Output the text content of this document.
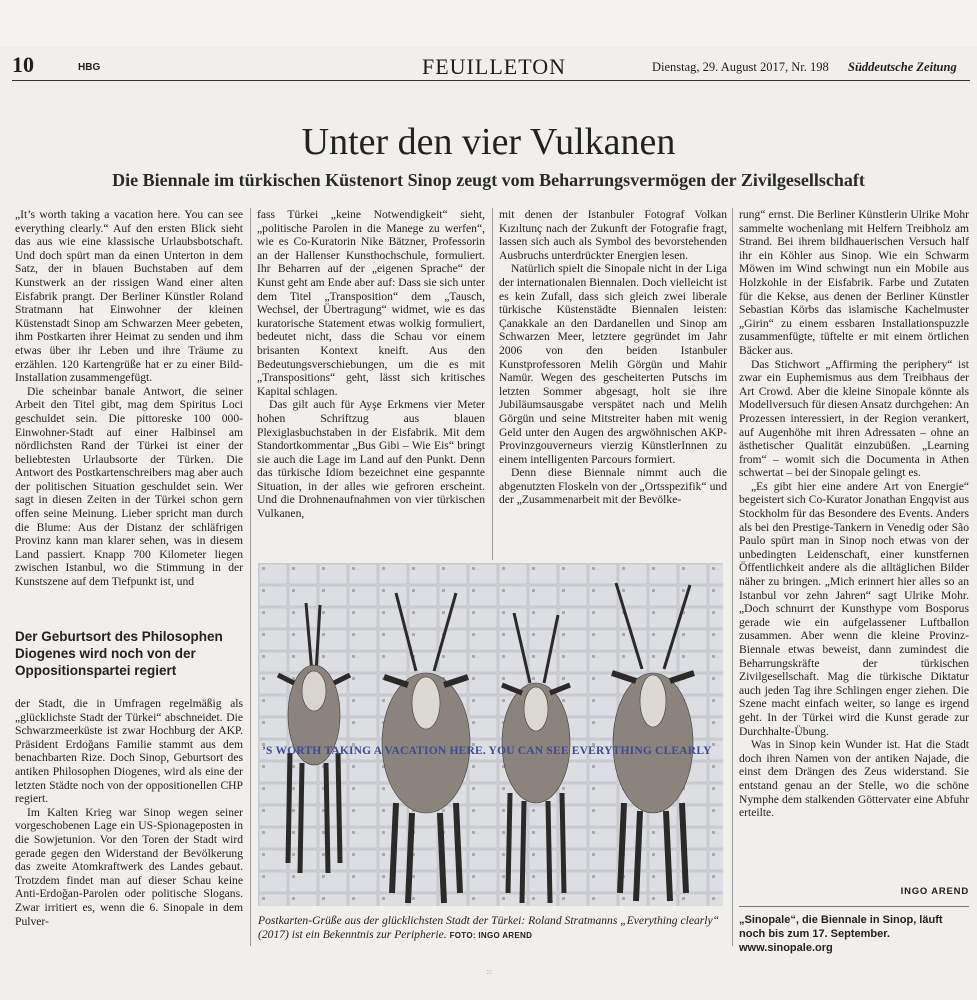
10	HBG	FEUILLETON	Dienstag, 29. August 2017, Nr. 198 Süddeutsche Zeitung
Unter den vier Vulkanen
Die Biennale im türkischen Küstenort Sinop zeugt vom Beharrungsvermögen der Zivilgesellschaft

„It’s worth taking a vacation here. You can see everything clearly.“ Auf den ersten Blick sieht das aus wie eine klassische Urlaubsbotschaft. Und doch spürt man da einen Unterton in dem Satz, der in blauen Buchstaben auf dem Kunstwerk an der rissigen Wand einer alten Eisfabrik prangt. Der Berliner Künstler Roland Stratmann hat Einwohner der kleinen Küstenstadt Sinop am Schwarzen Meer gebeten, ihm Postkarten ihrer Heimat zu senden und ihm etwas über ihr Leben und ihre Träume zu erzählen. 120 Kartengrüße hat er zu einer Bild-Installation zusammengefügt.

Die scheinbar banale Antwort, die seiner Arbeit den Titel gibt, mag dem Spiritus Loci geschuldet sein. Die pittoreske 100 000-Einwohner-Stadt auf einer Halbinsel am nördlichsten Rand der Türkei ist einer der beliebtesten Urlaubsorte der Türken. Die Antwort des Postkartenschreibers mag aber auch der politischen Situation geschuldet sein. Wer sagt in diesen Zeiten in der Türkei schon gern offen seine Meinung. Lieber spricht man durch die Blume: Aus der Distanz der schläfrigen Provinz kann man klarer sehen, was in diesem Land passiert. Knapp 700 Kilometer liegen zwischen Istanbul, wo die Stimmung in der Kunstszene auf dem Tiefpunkt ist, und

Der Geburtsort des Philosophen Diogenes wird noch von der Oppositionspartei regiert

der Stadt, die in Umfragen regelmäßig als „glücklichste Stadt der Türkei“ abschneidet. Die Schwarzmeerküste ist zwar Hochburg der AKP. Präsident Erdoğans Familie stammt aus dem benachbarten Rize. Doch Sinop, Geburtsort des antiken Philosophen Diogenes, wird als eine der letzten Städte noch von der oppositionellen CHP regiert.

Im Kalten Krieg war Sinop wegen seiner vorgeschobenen Lage ein US-Spionageposten in die Sowjetunion. Vor den Toren der Stadt wird gerade gegen den Widerstand der Bevölkerung das zweite Atomkraftwerk des Landes gebaut. Trotzdem findet man auf dieser Schau keine Anti-Erdoğan-Parolen oder politische Slogans. Zwar irritiert es, wenn die 6. Sinopale in dem Pulver-

fass Türkei „keine Notwendigkeit“ sieht, „politische Parolen in die Manege zu werfen“, wie es Co-Kuratorin Nike Bätzner, Professorin an der Hallenser Kunsthochschule, formuliert. Ihr Beharren auf der „eigenen Sprache“ der Kunst geht am Ende aber auf: Dass sie sich unter dem Titel „Transposition“ dem „Tausch, Wechsel, der Übertragung“ widmet, wie es das kuratorische Statement etwas wolkig formuliert, bedeutet nicht, dass die Schau vor einem brisanten Kontext kneift. Aus den Bedeutungsverschiebungen, um die es mit „Transpositions“ geht, lässt sich kritisches Kapital schlagen.

Das gilt auch für Ayşe Erkmens vier Meter hohen Schriftzug aus blauen Plexiglasbuchstaben in der Eisfabrik. Mit dem Standortkommentar „Bus Gibi – Wie Eis“ bringt sie auch die Lage im Land auf den Punkt. Denn das türkische Idiom bezeichnet eine gespannte Situation, in der alles wie gefroren erscheint. Und die Drohnenaufnahmen von vier türkischen Vulkanen,

mit denen der Istanbuler Fotograf Volkan Kızıltunç nach der Zukunft der Fotografie fragt, lassen sich auch als Symbol des bevorstehenden Ausbruchs unterdrückter Energien lesen.

Natürlich spielt die Sinopale nicht in der Liga der internationalen Biennalen. Doch vielleicht ist es kein Zufall, dass sich gleich zwei liberale türkische Küstenstädte Biennalen leisten: Çanakkale an den Dardanellen und Sinop am Schwarzen Meer, letztere gegründet im Jahr 2006 von den beiden Istanbuler Kunstprofessoren Melih Görgün und Mahir Namür. Wegen des gescheiterten Putschs im letzten Sommer abgesagt, holt sie ihre Jubiläumsausgabe verspätet nach und Melih Görgün und seine Mitstreiter haben mit wenig Geld unter den Augen des argwöhnischen AKP-Provinzgouverneurs vierzig KünstlerInnen zu einem intelligenten Parcours formiert.

Denn diese Biennale nimmt auch die abgenutzten Floskeln von der „Ortsspezifik“ und der „Zusammenarbeit mit der Bevölke-

rung“ ernst. Die Berliner Künstlerin Ulrike Mohr sammelte wochenlang mit Helfern Treibholz am Strand. Bei ihrem bildhauerischen Versuch half ihr ein Köhler aus Sinop. Wie ein Schwarm Möwen im Wind schwingt nun ein Mobile aus Holzkohle in der Eisfabrik. Farbe und Zutaten für die Kekse, aus denen der Berliner Künstler Sebastian Körbs das islamische Kachelmuster „Girin“ zu einem essbaren Installationspuzzle zusammenfügte, tüftelte er mit einem örtlichen Bäcker aus.

Das Stichwort „Affirming the periphery“ ist zwar ein Euphemismus aus dem Treibhaus der Art Crowd. Aber die kleine Sinopale könnte als Modellversuch für diesen Ansatz durchgehen: An Prozessen interessiert, in der Region verankert, auf Augenhöhe mit ihren Adressaten – ohne an ästhetischer Qualität einzubüßen. „Learning from“ – womit sich die Documenta in Athen schwertat – bei der Sinopale gelingt es.

„Es gibt hier eine andere Art von Energie“ begeistert sich Co-Kurator Jonathan Engqvist aus Stockholm für das Besondere des Events. Anders als bei den Prestige-Tankern in Venedig oder São Paulo spürt man in Sinop noch etwas von der unbedingten Leidenschaft, einer kunstfernen Öffentlichkeit andere als die alltäglichen Bilder näher zu bringen. „Mich erinnert hier alles so an Istanbul vor zehn Jahren“ sagt Ulrike Mohr. „Doch schnurrt der Kunsthype vom Bosporus gerade wie ein aufgelassener Luftballon zusammen. Aber wenn die kleine Provinz-Biennale etwas beweist, dann zumindest die Beharrungskräfte der türkischen Zivilgesellschaft. Mag die türkische Diktatur auch jeden Tag ihre Schlingen enger ziehen. Die Szene macht einfach weiter, so lange es irgend geht. In der Türkei wird die Kunst gerade zur Durchhalte-Übung.

Was in Sinop kein Wunder ist. Hat die Stadt doch ihren Namen von der antiken Najade, die einst dem Drängen des Zeus widerstand. Sie entstand genau an der Stelle, wo die schöne Nymphe dem stalkenden Göttervater eine Abfuhr erteilte.

INGO AREND
„Sinopale“, die Biennale in Sinop, läuft noch bis zum 17. September. www.sinopale.org
’S WORTH TAKING A VACATION HERE. YOU CAN SEE EVERYTHING CLEARLY
Postkarten-Grüße aus der glücklichsten Stadt der Türkei: Roland Stratmanns „Everything clearly“ (2017) ist ein Bekenntnis zur Peripherie. FOTO: INGO AREND
⁙
